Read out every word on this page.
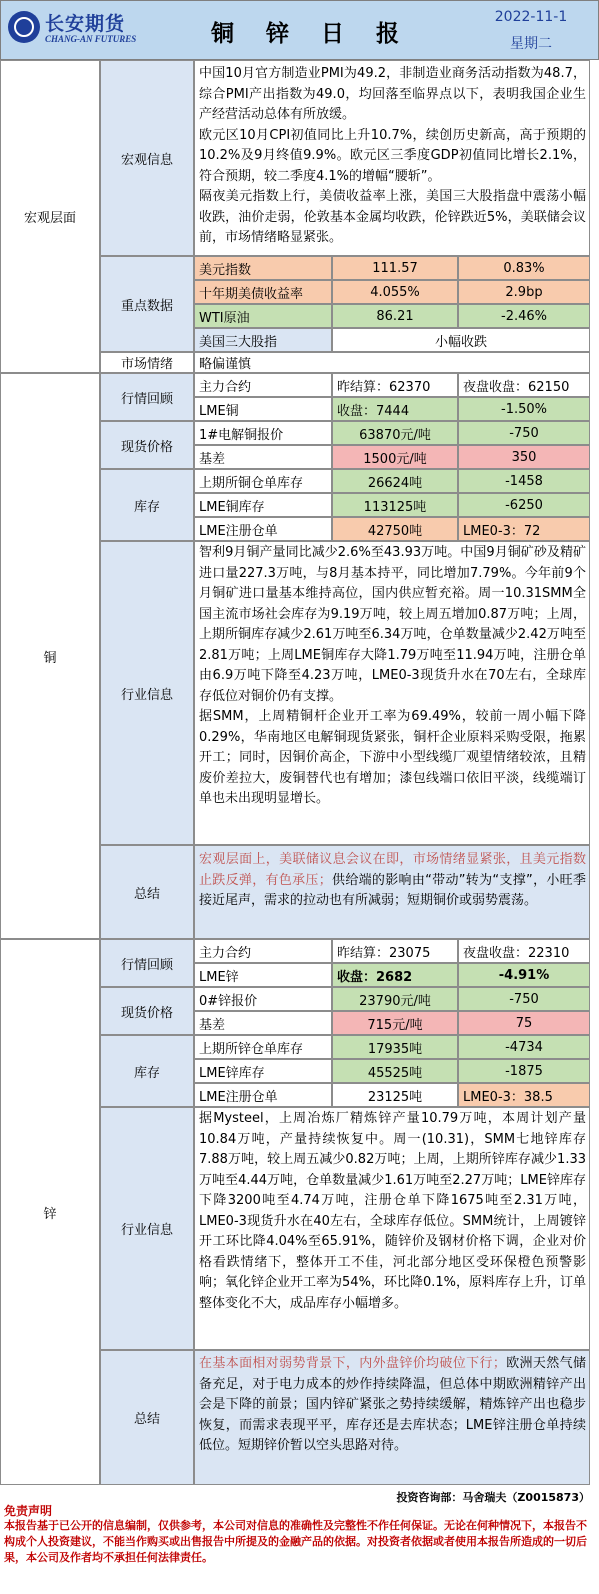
长安期货
CHANG-AN FUTURES	铜 锌 日 报
2022-11-1
星期二
宏观层面
宏观信息
中国10月官方制造业PMI为49.2，非制造业商务活动指数为48.7，综合PMI产出指数为49.0，均回落至临界点以下，表明我国企业生产经营活动总体有所放缓。
欧元区10月CPI初值同比上升10.7%，续创历史新高，高于预期的10.2%及9月终值9.9%。欧元区三季度GDP初值同比增长2.1%，符合预期，较二季度4.1%的增幅“腰斩”。
隔夜美元指数上行，美债收益率上涨，美国三大股指盘中震荡小幅收跌，油价走弱，伦敦基本金属均收跌，伦锌跌近5%，美联储会议前，市场情绪略显紧张。
重点数据
美元指数	111.57	0.83%
十年期美债收益率	4.055%	2.9bp
WTI原油	86.21	-2.46%
美国三大股指	小幅收跌
市场情绪	略偏谨慎
铜
行情回顾
主力合约	昨结算：62370	夜盘收盘：62150
LME铜	收盘：7444	-1.50%
现货价格
1#电解铜报价	63870元/吨	-750
基差	1500元/吨	350
库存
上期所铜仓单库存	26624吨	-1458
LME铜库存	113125吨	-6250
LME注册仓单	42750吨	LME0-3：72
行业信息
智利9月铜产量同比减少2.6%至43.93万吨。中国9月铜矿砂及精矿进口量227.3万吨，与8月基本持平，同比增加7.79%。今年前9个月铜矿进口量基本维持高位，国内供应暂充裕。周一10.31SMM全国主流市场社会库存为9.19万吨，较上周五增加0.87万吨；上周，上期所铜库存减少2.61万吨至6.34万吨，仓单数量减少2.42万吨至2.81万吨；上周LME铜库存大降1.79万吨至11.94万吨，注册仓单由6.9万吨下降至4.23万吨，LME0-3现货升水在70左右，全球库存低位对铜价仍有支撑。
据SMM，上周精铜杆企业开工率为69.49%，较前一周小幅下降0.29%，华南地区电解铜现货紧张，铜杆企业原料采购受限，拖累开工；同时，因铜价高企，下游中小型线缆厂观望情绪较浓，且精废价差拉大，废铜替代也有增加；漆包线端口依旧平淡，线缆端订单也未出现明显增长。
总结
宏观层面上，美联储议息会议在即，市场情绪显紧张，且美元指数止跌反弹，有色承压；供给端的影响由“带动”转为“支撑”，小旺季接近尾声，需求的拉动也有所减弱；短期铜价或弱势震荡。
锌
行情回顾
主力合约	昨结算：23075	夜盘收盘：22310
LME锌	收盘：2682	-4.91%
现货价格
0#锌报价	23790元/吨	-750
基差	715元/吨	75
库存
上期所锌仓单库存	17935吨	-4734
LME锌库存	45525吨	-1875
LME注册仓单	23125吨	LME0-3：38.5
行业信息
据Mysteel，上周冶炼厂精炼锌产量10.79万吨，本周计划产量10.84万吨，产量持续恢复中。周一(10.31)，SMM七地锌库存7.88万吨，较上周五减少0.82万吨；上周，上期所锌库存减少1.33万吨至4.44万吨，仓单数量减少1.61万吨至2.27万吨；LME锌库存下降3200吨至4.74万吨，注册仓单下降1675吨至2.31万吨，LME0-3现货升水在40左右，全球库存低位。SMM统计，上周镀锌开工环比降4.04%至65.91%，随锌价及钢材价格下调，企业对价格看跌情绪下，整体开工不佳，河北部分地区受环保橙色预警影响；氧化锌企业开工率为54%，环比降0.1%，原料库存上升，订单整体变化不大，成品库存小幅增多。
总结
在基本面相对弱势背景下，内外盘锌价均破位下行；欧洲天然气储备充足，对于电力成本的炒作持续降温，但总体中期欧洲精锌产出会是下降的前景；国内锌矿紧张之势持续缓解，精炼锌产出也稳步恢复，而需求表现平平，库存还是去库状态；LME锌注册仓单持续低位。短期锌价暂以空头思路对待。
投资咨询部：马舍瑞夫（Z0015873）
免责声明
本报告基于已公开的信息编制，仅供参考，本公司对信息的准确性及完整性不作任何保证。无论在何种情况下，本报告不构成个人投资建议，不能当作购买或出售报告中所提及的金融产品的依据。对投资者依据或者使用本报告所造成的一切后果，本公司及作者均不承担任何法律责任。
